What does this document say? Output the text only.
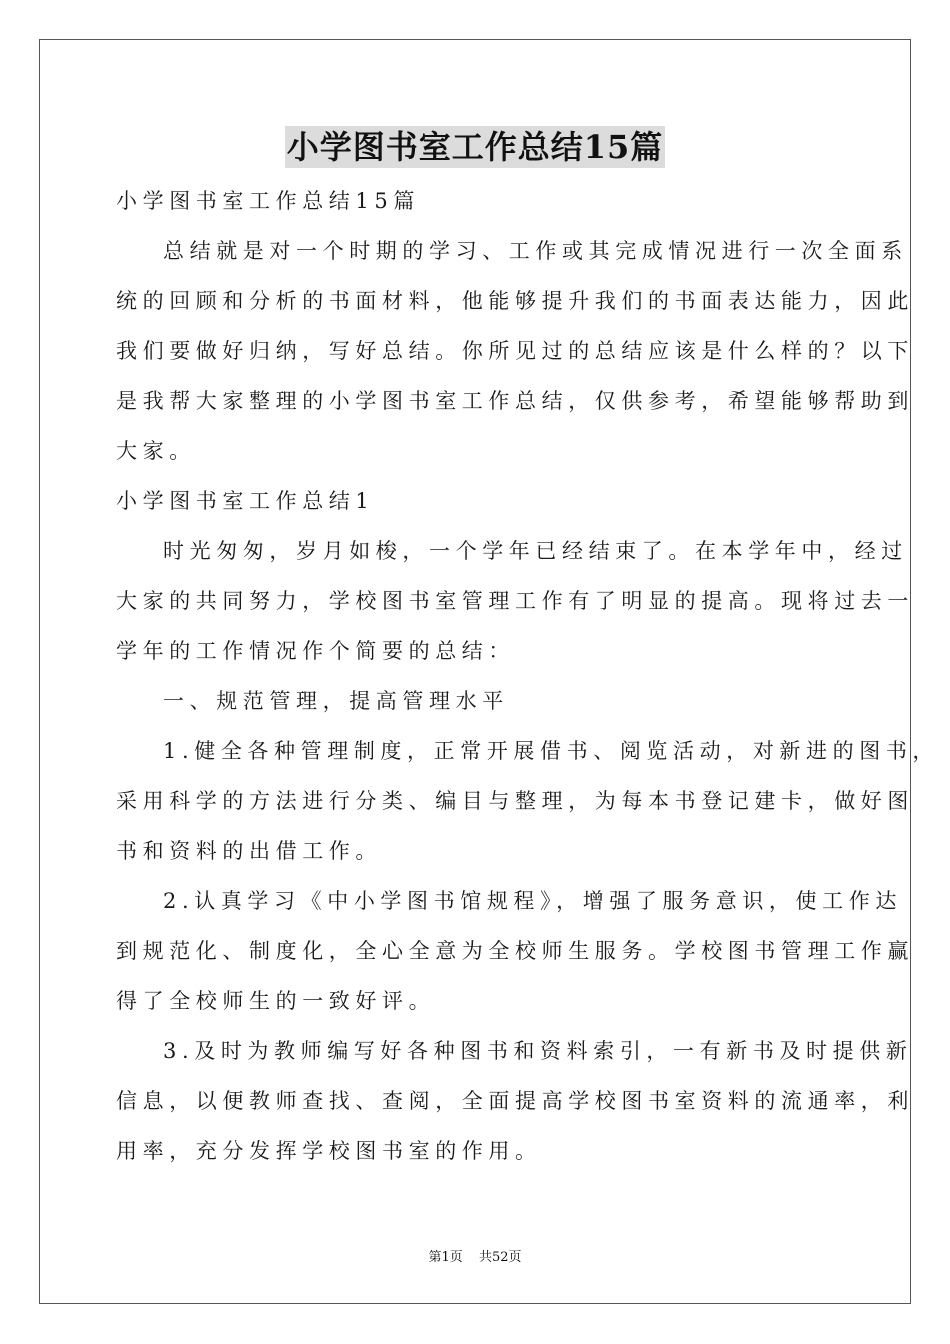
小学图书室工作总结15篇

小学图书室工作总结15篇

总结就是对一个时期的学习、工作或其完成情况进行一次全面系

统的回顾和分析的书面材料，他能够提升我们的书面表达能力，因此

我们要做好归纳，写好总结。你所见过的总结应该是什么样的？以下

是我帮大家整理的小学图书室工作总结，仅供参考，希望能够帮助到

大家。

小学图书室工作总结1

时光匆匆，岁月如梭，一个学年已经结束了。在本学年中，经过

大家的共同努力，学校图书室管理工作有了明显的提高。现将过去一

学年的工作情况作个简要的总结：

一、规范管理，提高管理水平

1.健全各种管理制度，正常开展借书、阅览活动，对新进的图书，

采用科学的方法进行分类、编目与整理，为每本书登记建卡，做好图

书和资料的出借工作。

2.认真学习《中小学图书馆规程》，增强了服务意识，使工作达

到规范化、制度化，全心全意为全校师生服务。学校图书管理工作赢

得了全校师生的一致好评。

3.及时为教师编写好各种图书和资料索引，一有新书及时提供新

信息，以便教师查找、查阅，全面提高学校图书室资料的流通率，利

用率，充分发挥学校图书室的作用。

第1页 共52页
